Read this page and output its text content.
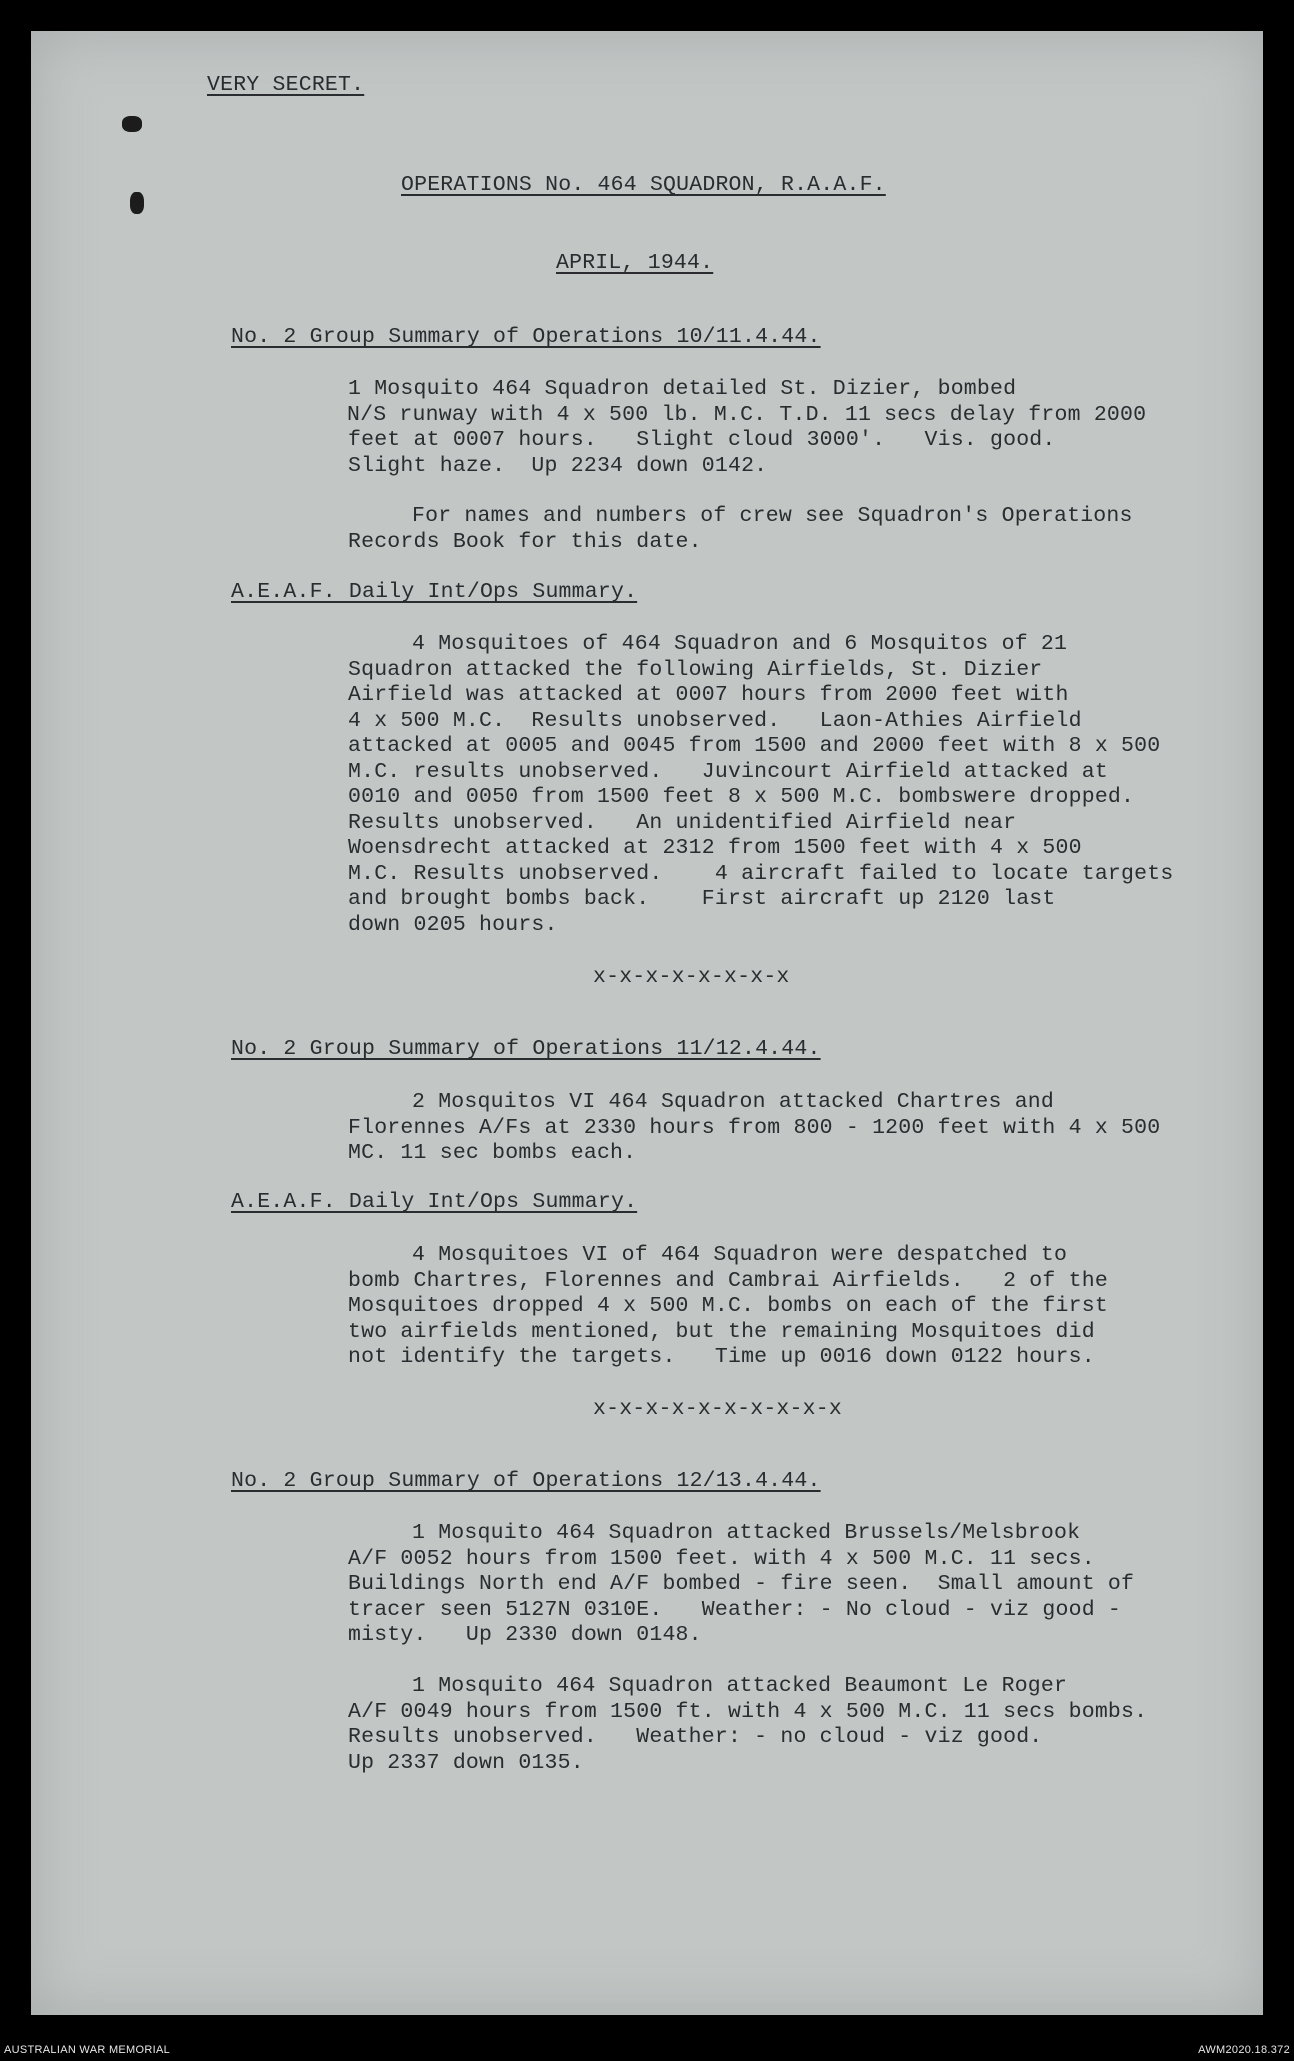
VERY SECRET.
OPERATIONS No. 464 SQUADRON, R.A.A.F.
APRIL, 1944.
No. 2 Group Summary of Operations 10/11.4.44.
1 Mosquito 464 Squadron detailed St. Dizier, bombed
N/S runway with 4 x 500 lb. M.C. T.D. 11 secs delay from 2000
feet at 0007 hours.   Slight cloud 3000'.   Vis. good.
Slight haze.  Up 2234 down 0142.
For names and numbers of crew see Squadron's Operations
Records Book for this date.
A.E.A.F. Daily Int/Ops Summary.
4 Mosquitoes of 464 Squadron and 6 Mosquitos of 21
Squadron attacked the following Airfields, St. Dizier
Airfield was attacked at 0007 hours from 2000 feet with
4 x 500 M.C.  Results unobserved.   Laon-Athies Airfield
attacked at 0005 and 0045 from 1500 and 2000 feet with 8 x 500
M.C. results unobserved.   Juvincourt Airfield attacked at
0010 and 0050 from 1500 feet 8 x 500 M.C. bombswere dropped.
Results unobserved.   An unidentified Airfield near
Woensdrecht attacked at 2312 from 1500 feet with 4 x 500
M.C. Results unobserved.    4 aircraft failed to locate targets
and brought bombs back.    First aircraft up 2120 last
down 0205 hours.
x-x-x-x-x-x-x-x
No. 2 Group Summary of Operations 11/12.4.44.
2 Mosquitos VI 464 Squadron attacked Chartres and
Florennes A/Fs at 2330 hours from 800 - 1200 feet with 4 x 500
MC. 11 sec bombs each.
A.E.A.F. Daily Int/Ops Summary.
4 Mosquitoes VI of 464 Squadron were despatched to
bomb Chartres, Florennes and Cambrai Airfields.   2 of the
Mosquitoes dropped 4 x 500 M.C. bombs on each of the first
two airfields mentioned, but the remaining Mosquitoes did
not identify the targets.   Time up 0016 down 0122 hours.
x-x-x-x-x-x-x-x-x-x
No. 2 Group Summary of Operations 12/13.4.44.
1 Mosquito 464 Squadron attacked Brussels/Melsbrook
A/F 0052 hours from 1500 feet. with 4 x 500 M.C. 11 secs.
Buildings North end A/F bombed - fire seen.  Small amount of
tracer seen 5127N 0310E.   Weather: - No cloud - viz good -
misty.   Up 2330 down 0148.
1 Mosquito 464 Squadron attacked Beaumont Le Roger
A/F 0049 hours from 1500 ft. with 4 x 500 M.C. 11 secs bombs.
Results unobserved.   Weather: - no cloud - viz good.
Up 2337 down 0135.
AUSTRALIAN WAR MEMORIAL	AWM2020.18.372
